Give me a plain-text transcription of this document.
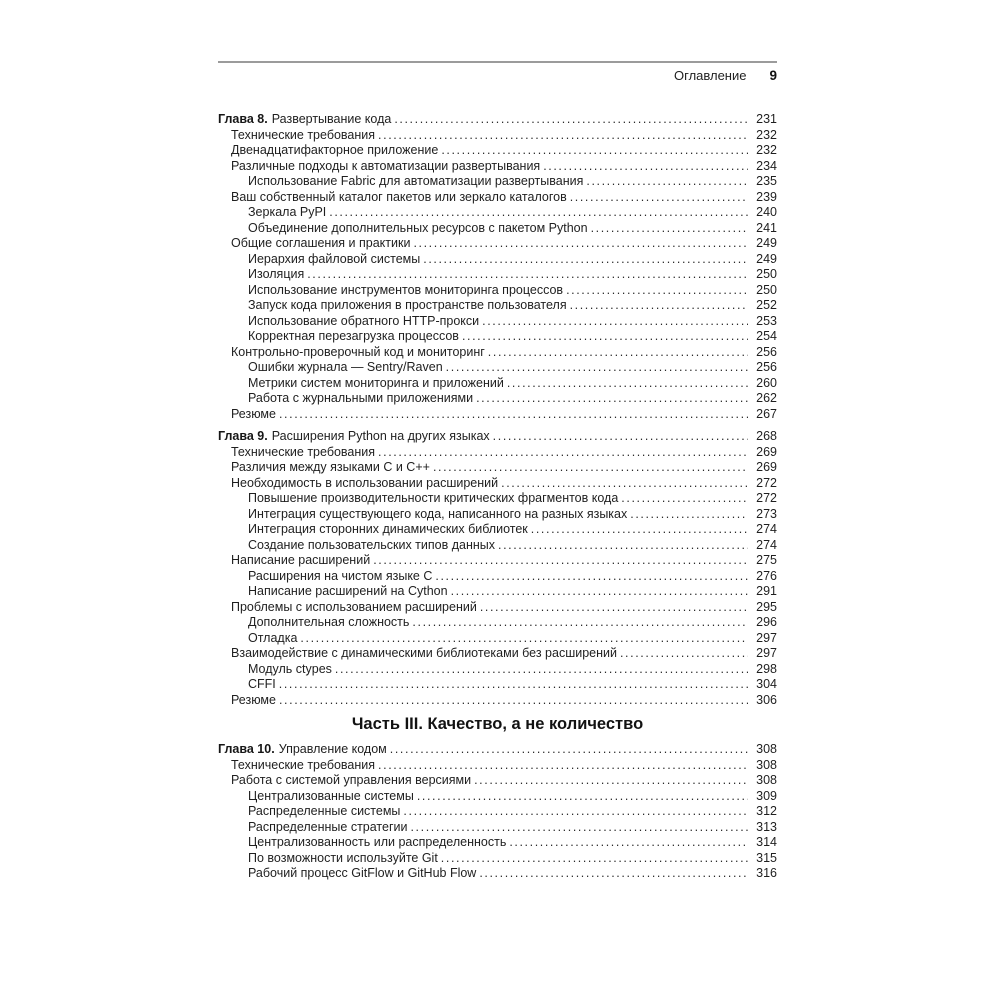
Оглавление 9
Глава 8. Развертывание кода .....	231
Технические требования .....	232
Двенадцатифакторное приложение .....	232
Различные подходы к автоматизации развертывания .....	234
Использование Fabric для автоматизации развертывания .....	235
Ваш собственный каталог пакетов или зеркало каталогов .....	239
Зеркала PyPI .....	240
Объединение дополнительных ресурсов с пакетом Python .....	241
Общие соглашения и практики .....	249
Иерархия файловой системы .....	249
Изоляция .....	250
Использование инструментов мониторинга процессов .....	250
Запуск кода приложения в пространстве пользователя .....	252
Использование обратного HTTP-прокси .....	253
Корректная перезагрузка процессов .....	254
Контрольно-проверочный код и мониторинг .....	256
Ошибки журнала — Sentry/Raven .....	256
Метрики систем мониторинга и приложений .....	260
Работа с журнальными приложениями .....	262
Резюме .....	267
Глава 9. Расширения Python на других языках .....	268
Технические требования .....	269
Различия между языками C и C++ .....	269
Необходимость в использовании расширений .....	272
Повышение производительности критических фрагментов кода .....	272
Интеграция существующего кода, написанного на разных языках .....	273
Интеграция сторонних динамических библиотек .....	274
Создание пользовательских типов данных .....	274
Написание расширений .....	275
Расширения на чистом языке C .....	276
Написание расширений на Cython .....	291
Проблемы с использованием расширений .....	295
Дополнительная сложность .....	296
Отладка .....	297
Взаимодействие с динамическими библиотеками без расширений .....	297
Модуль ctypes .....	298
CFFI .....	304
Резюме .....	306
Часть III. Качество, а не количество
Глава 10. Управление кодом .....	308
Технические требования .....	308
Работа с системой управления версиями .....	308
Централизованные системы .....	309
Распределенные системы .....	312
Распределенные стратегии .....	313
Централизованность или распределенность .....	314
По возможности используйте Git .....	315
Рабочий процесс GitFlow и GitHub Flow .....	316
